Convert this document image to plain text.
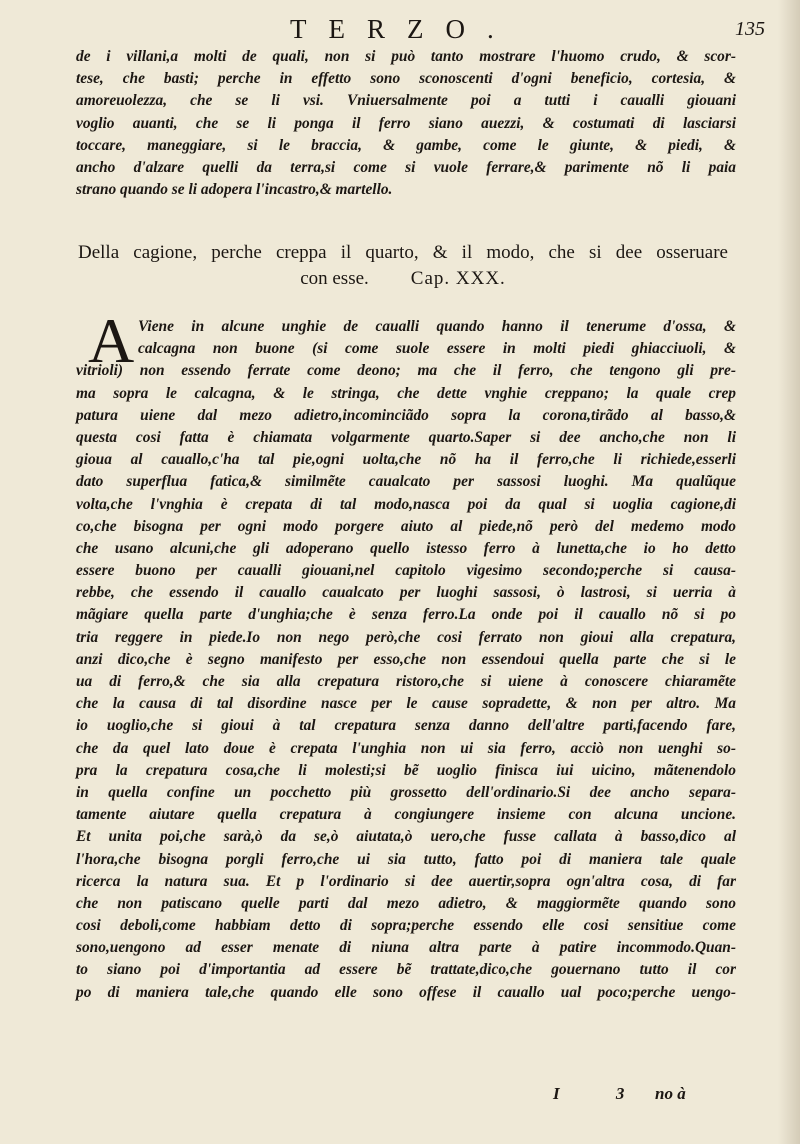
TERZO.	135
de i villani,a molti de quali, non si può tanto mostrare l'huomo crudo, & scor-
tese, che basti; perche in effetto sono sconoscenti d'ogni beneficio, cortesia, &
amoreuolezza, che se li vsi. Vniuersalmente poi a tutti i caualli giouani
voglio auanti, che se li ponga il ferro siano auezzi, & costumati di lasciarsi
toccare, maneggiare, si le braccia, & gambe, come le giunte, & piedi, &
ancho d'alzare quelli da terra,si come si vuole ferrare,& parimente nõ li paia
strano quando se li adopera l'incastro,& martello.
Della cagione, perche creppa il quarto, & il modo, che si dee osseruare
con esse. Cap. XXX.
A Viene in alcune unghie de caualli quando hanno il tenerume d'ossa, &
calcagna non buone (si come suole essere in molti piedi ghiacciuoli, &
vitrioli) non essendo ferrate come deono; ma che il ferro, che tengono gli pre-
ma sopra le calcagna, & le stringa, che dette vnghie creppano; la quale crep
patura uiene dal mezo adietro,incominciãdo sopra la corona,tirãdo al basso,&
questa cosi fatta è chiamata volgarmente quarto.Saper si dee ancho,che non li
gioua al cauallo,c'ha tal pie,ogni uolta,che nõ ha il ferro,che li richiede,esserli
dato superflua fatica,& similmẽte caualcato per sassosi luoghi. Ma qualũque
volta,che l'vnghia è crepata di tal modo,nasca poi da qual si uoglia cagione,di
co,che bisogna per ogni modo porgere aiuto al piede,nõ però del medemo modo
che usano alcuni,che gli adoperano quello istesso ferro à lunetta,che io ho detto
essere buono per caualli giouani,nel capitolo vigesimo secondo;perche si causa-
rebbe, che essendo il cauallo caualcato per luoghi sassosi, ò lastrosi, si uerria à
mãgiare quella parte d'unghia;che è senza ferro.La onde poi il cauallo nõ si po
tria reggere in piede.Io non nego però,che cosi ferrato non gioui alla crepatura,
anzi dico,che è segno manifesto per esso,che non essendoui quella parte che si le
ua di ferro,& che sia alla crepatura ristoro,che si uiene à conoscere chiaramẽte
che la causa di tal disordine nasce per le cause sopradette, & non per altro. Ma
io uoglio,che si gioui à tal crepatura senza danno dell'altre parti,facendo fare,
che da quel lato doue è crepata l'unghia non ui sia ferro, acciò non uenghi so-
pra la crepatura cosa,che li molesti;si bẽ uoglio finisca iui uicino, mãtenendolo
in quella confine un pocchetto più grossetto dell'ordinario.Si dee ancho separa-
tamente aiutare quella crepatura à congiungere insieme con alcuna uncione.
Et unita poi,che sarà,ò da se,ò aiutata,ò uero,che fusse callata à basso,dico al
l'hora,che bisogna porgli ferro,che ui sia tutto, fatto poi di maniera tale quale
ricerca la natura sua. Et p l'ordinario si dee auertir,sopra ogn'altra cosa, di far
che non patiscano quelle parti dal mezo adietro, & maggiormẽte quando sono
cosi deboli,come habbiam detto di sopra;perche essendo elle cosi sensitiue come
sono,uengono ad esser menate di niuna altra parte à patire incommodo.Quan-
to siano poi d'importantia ad essere bẽ trattate,dico,che gouernano tutto il cor
po di maniera tale,che quando elle sono offese il cauallo ual poco;perche uengo-
I 3 no à
